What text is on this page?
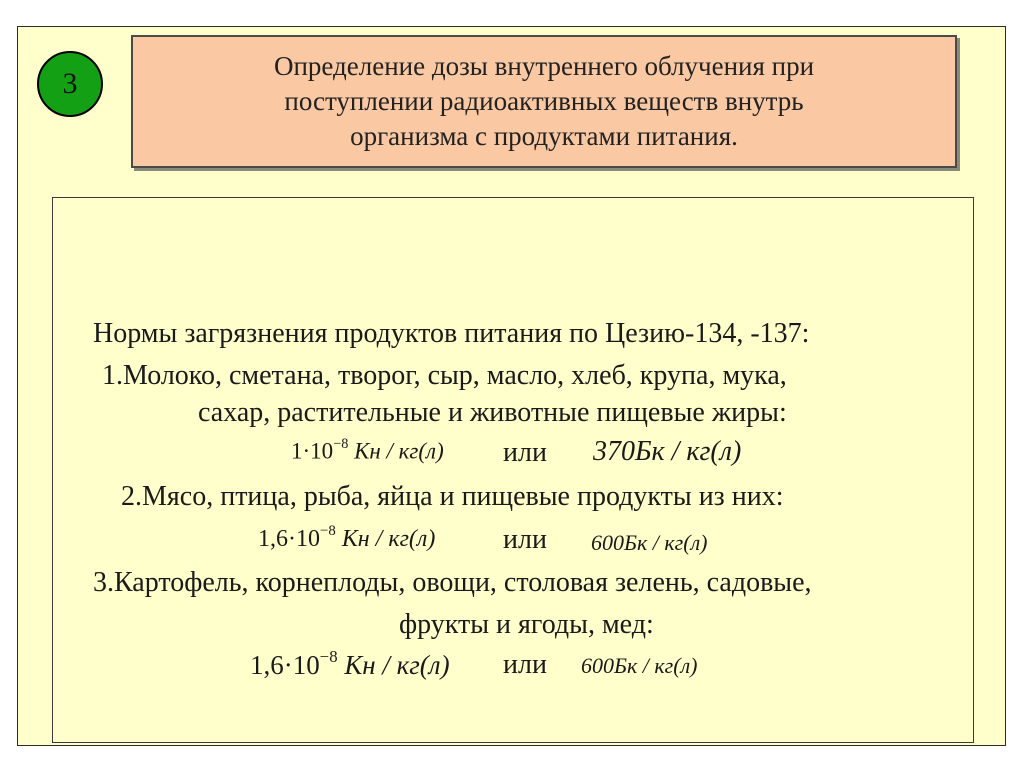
3
Определение дозы внутреннего облучения при
поступлении радиоактивных веществ внутрь
организма с продуктами питания.
Нормы загрязнения продуктов питания по Цезию-134, -137:
1.Молоко, сметана, творог, сыр, масло, хлеб, крупа, мука,
сахар, растительные и животные пищевые жиры:
$1\cdot 10^{-8}$ Кн / кг(л) или 370Бк / кг(л)
2.Мясо, птица, рыба, яйца и пищевые продукты из них:
$1,6\cdot 10^{-8}$ Кн / кг(л) или 600Бк / кг(л)
3.Картофель, корнеплоды, овощи, столовая зелень, садовые,
фрукты и ягоды, мед:
$1,6\cdot 10^{-8}$ Кн / кг(л) или 600Бк / кг(л)
